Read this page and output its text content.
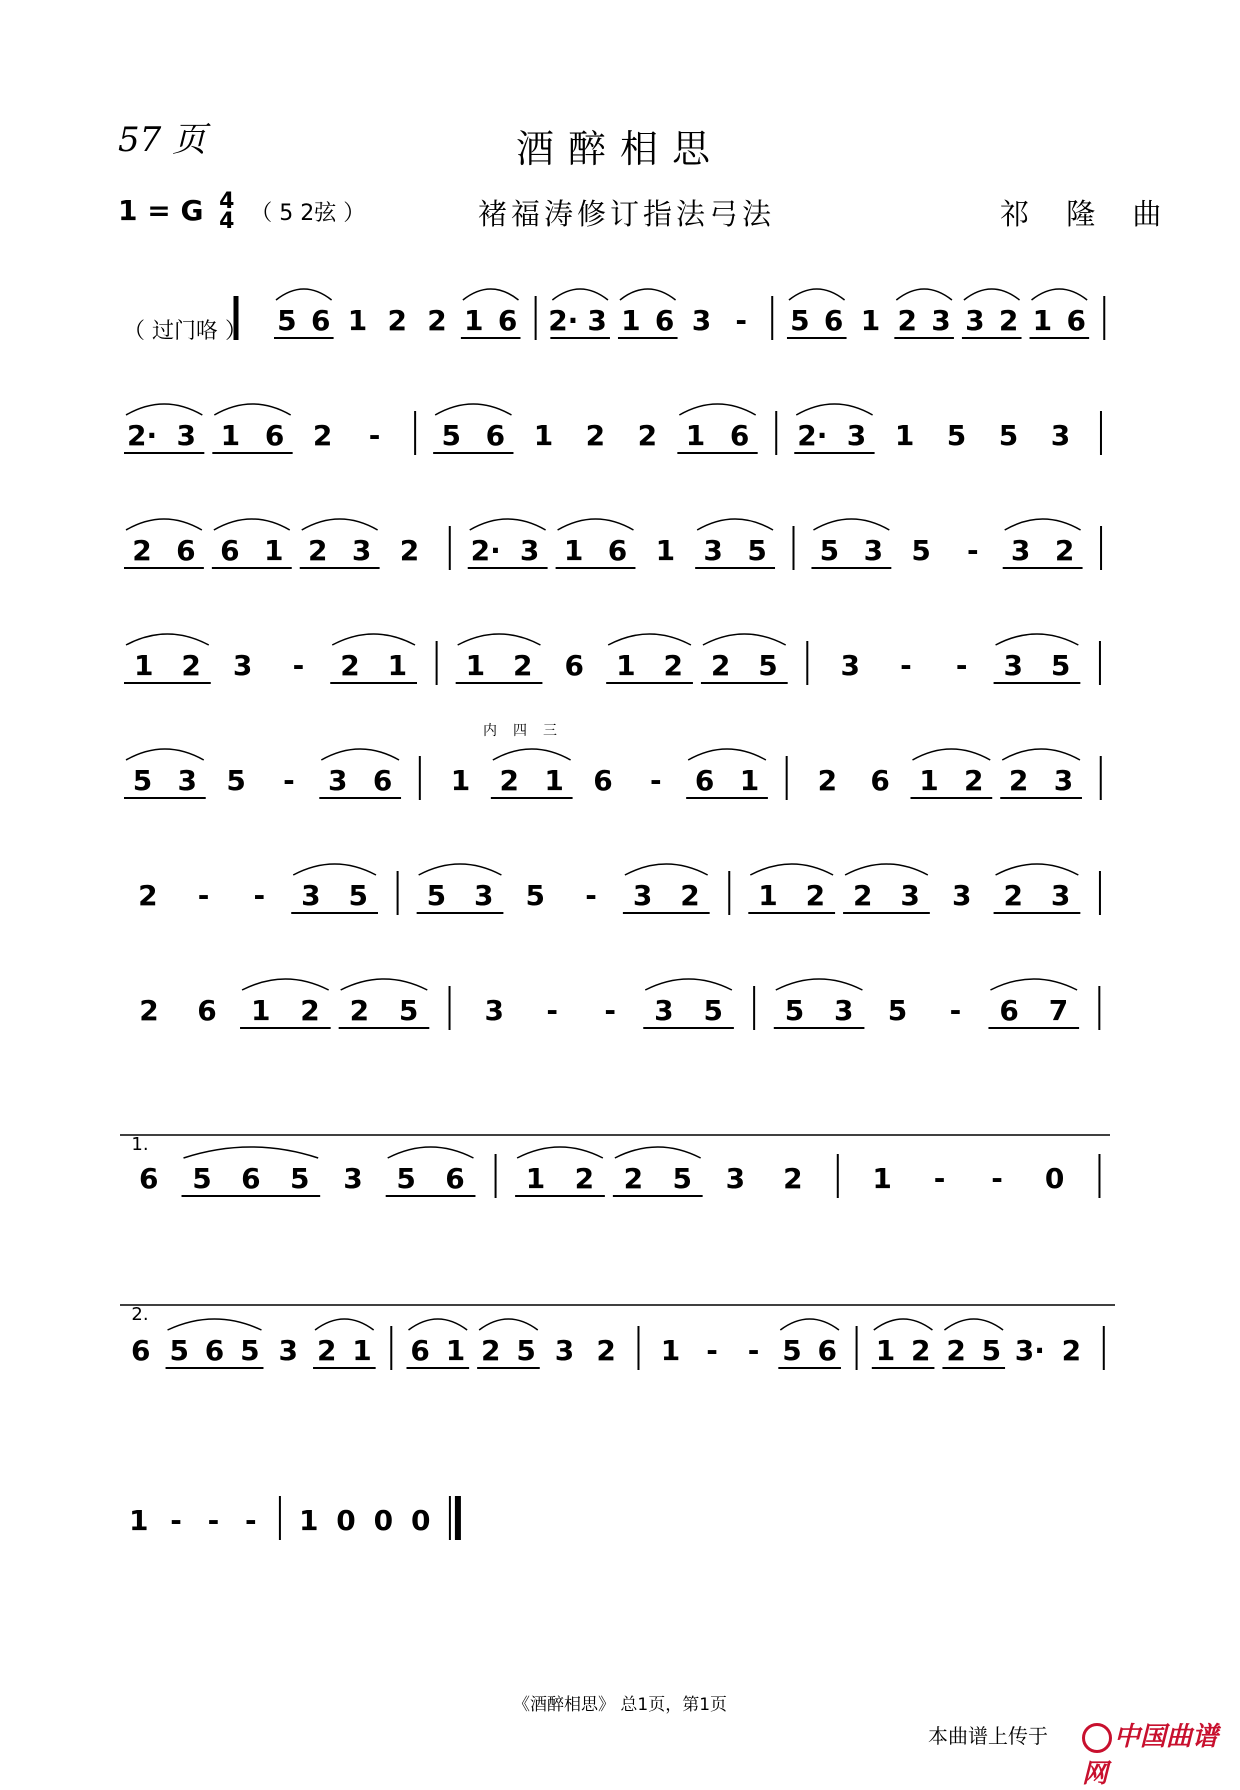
57 页	酒醉相思
1 = G 4
4 （ 5 2弦 ）	褚福涛修订指法弓法	祁 隆 曲
5 6 1 2 2 1 6 2· 3 1 6 3 - 5 6 1 2 3 3 2 1 6
2· 3 1 6 2 - 5 6 1 2 2 1 6 2· 3 1 5 5 3
2 6 6 1 2 3 2 2· 3 1 6 1 3 5 5 3 5 - 3 2
1 2 3 - 2 1 1 2 6 1 2 2 5 3 - - 3 5
5 3 5 - 3 6 1 2 1 6 - 6 1 2 6 1 2 2 3
2 - - 3 5 5 3 5 - 3 2 1 2 2 3 3 2 3
2 6 1 2 2 5 3 - - 3 5 5 3 5 - 6 7
6 5 6 5 3 5 6 1 2 2 5 3 2 1 - - 0
6 5 6 5 3 2 1 6 1 2 5 3 2 1 - - 5 6 1 2 2 5 3· 2
1 - - - 1 0 0 0
（ 过门咯 ）
1.
2.
内 四 三
《酒醉相思》 总1页，第1页
本曲谱上传于	中国曲谱网
